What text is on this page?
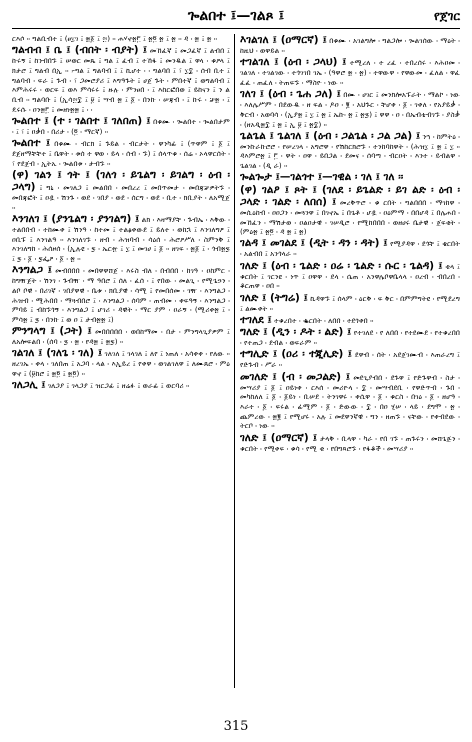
ጐልበተ ፤—ገልጾ ፤	የጀገር

ርእሶ ፡፡ ግልቢብተ ፤ (ፀ፲ገ ፤ ፳፩ ፤ ፵) ፡፡ ሐሃኖ፳፫ ፤ ፳፬ ፳ ፤ ፳ ፡፡ ዳ ፡ ፳ ፤ ፳ ፡፡

ግልብብ ፤ ቤ ፤ (ብበት ፡ ብያት) ፤ መኸፈኛ ፤ መጋፈኛ ፤ ልብበ ፤ ኩሩኝ ፤ ከንብበኙ ፤ ሠወር መጼ ፤ ግል ፤ ፈብ ፤ ተኸፋ ፤ መንዱል ፤ ዋላ ፡ ቁዖላ ፤ ክታሮ ፤ ግልብ በኢ ፡፡ ፦ግል ፤ ግልባብ ፤ ፤ ኪሆተ ፡ ፡ ግልባበ ፤ ፣ ፲፰ ፡ ሰብ ቢተ ፤ ግልባብ ፡ ፍራ ፤ ጉብ ፡ ፣ ጋመሮያሪ ፤ እግዓጉት ፤ ሀጀ ጉት ፡ ምበተኛ ፤ ወግልባብ ፤ እምሕሩሩ ፡ ወርፍ ፤ ወእ ምሳሩሩ ፤ ዙሉ ፡ ምንፀበ ፡ ፤ እከርፎበወ ፤ ይከናን ፤ ን ል ቢብ ፡፡ ግልባቡ ፤ (ኢሳ፵፰ ፤ ፱ ፤ ሣብ ፳ ፤ ፩ ፡ በንኩ ፡ ሠጃብ ፡ ፤ ኩሩ ፡ ቻ፳ ፡ ፤ ዴሩሱ ፡ ዐን፳፫ ፤ መዘነ፳፳ ፤ ፡ ፡

ጐልበተ ፤ (ተ ፡ ገልበተ ፤ ገለበጠ) ፤ በቁሙ ፡ ጐልበተ ፡ ጐልበታም ፡ ፤ ፣ ፤ ዐቃበ ፡ በሪታ ፡ (፬ ፡ ማርኛ) ፡፡

ጐልበተ ፤ በቁሙ ፡ ብርክ ፤ ጉይል ፡ ብርታት ፡ ዋንካፊ ፤ (ጥዋም ፤ ፩ ፤ ደጀዘማቸቸተ ፤ ቤዋት ፡ ቱሰ ተ ዋወ ፡ ይላ ፡ ሰብ ፡ ኙ) ፤ ሰላጥቁ ፡ ሰሬ ፡ ኦላዋርሰት ፡ ፣ የደጀብ ፡ ኢትኡ ፡ ጐልበቱ ፡ ታብኙ ፡፡

(ዋ) ገልን ፤ ጎት ፤ (ገለጎ ፡ ይጌልግ ፡ ይገልግ ፡ ዕብ ፡ ጋላግ) ፤ ግኒ ፡ መገለጋ ፤ መልበበ ፡ መበረረ ፤ መበጥመታ ፡ መበጃቻዎትኙ ፡ መበጃፎት ፤ ዐዷ ፡ ሽንጉ ፡ ወደ ፡ ገበያ ፡ ወደ ፡ ሰርግ ፡ ወደ ፡ ቢተ ፡ ክቢያት ፡ ለአሚጀ ፡፡

እንገለገ ፤ (ያንጌልግ ፡ ያንገልግ) ፤ ልክ ፡ እዛማያቸ ፡ ጉብኤ ፡ እቅው ፡ ተልበበብ ፡ ተከሙቀ ፤ ሽንዓ ፡ ከተመ ፤ ተልፅቀውደ ፤ ይለተ ፡ ወከኋ ፤ እንገለግዖ ፤ ዐቢፑ ፤ እንገልዓ ፡፡ እንገለገኙ ፡ ዘብ ፡ ሕዝባብ ፡ ሳዕሰ ፡ ሕሮዖሥለ ፡ ስምንቅ ፤ እንገለግከ ፡ ሕሰዞሰ ፡ (ኢሉዩ ፡ ፯ ፡ ኤር፹ ፤ ፲ ፤ መገሀ ፤ ፩ ፡፡ ዘገፍ ፡ ፳፩ ፤ ፡ ጎብ፳፯ ፤ ፯ ፡ ፩ ፡ ፯ፌዖ ፡ ፩ ፡ ፳ ፡፡

እንግልጋ ፤ መብበበበ ፡ መበዋዋሸጀ ፡ እሩስ ብለ ፡ በብበበ ፡ ከገዓ ፡ ዐከምር ፡ ከግዥጀት ፡ ሽንገ ፡ ጉብዥ ፡ ማ ዓበሮ ፤ ሰለ ፡ ፈሰ ፡ ፤ የበው ፡ መልጊ ፡ የሚጌኃን ፡ ልቦ ቦዊ ፡ በሪገኛ ፡ ገበያዋዊ ፡ ቤቱ ፡ ክቢያዊ ፡ ሳሚ ፤ የመበሰመ ፡ ገዥ ፡ እንግልጋ ፡ ሕዝብ ፡ ሚሕበበ ፡ ማጓብበሮ ፤ ፡ እንግልጋ ፡ ሰባም ፡ ጠብመ ፡ ቀፍዓኝ ፡ እንግልጋ ፡ ምባይ ፤ ብከኙጎኝ ፡ እንግልጋ ፤ ሆገሪ ፡ ዳዊት ፡ ማር ያም ፡ ዐራኝ ፡ (ሚሪቀ፳ ፤ ፡ ምሳ፳ ፤ ፯ ፡ በንኩ ፤ ወ ዐ ፤ ታብ፳፳ ፤)

ምንግላግ ፤ (ጋት) ፤ መበበበበበ ፡ ወበከማመ ፡ በታ ፡ ምንግላጊያዎም ፤ ለአሎፍልበ ፡ (ሰባ ፡ ፯ ፡ ፳ ፡ የዳ፳ ፤ ፳፯) ፡፡

ገልገለ ፤ (ገለጌ ፡ ገለ) ፤ ገለገለ ፤ ገላገለ ፤ ለየ ፤ ነጠለ ፡ አሳቀቀ ፡ የለው ፡፡ ዘረገኤ ፡ ቀላ ፡ ገለበጠ ፤ አጋባ ፡ ላል ፡ እኢይረ ፤ የቀዋ ፡ ወገልገለዋ ፤ ለሙጸሮ ፡ ምዕ ዋኖ ፤ (፱ከሮ ፤ ፳፬ ፤ ፳፬) ፡፡

ገለጋሊ ፤ ገለጋያ ፤ ገላጋያ ፤ ዝርጋፊ ፤ ዘሬፉ ፤ ወራፊ ፤ ወርባሪ ፡፡

እገልገለ ፤ (ዐማርኛ) ፤ በቁሙ ፡ አገልግሎ ፡ ግልጋሎ ፡ ጐልገሰው ፡ ማዕት ፡ ከዚህ ፡ ወዋይል ፡፡

ተገልገለ ፤ (ዕብ ፡ ጋላህ) ፤ ተሚረለ ፡ ተ ረፈ ፡ ተበረሰሩ ፡ እሕዐመ ፡ ገልገለ ፡ ተገልገው ፡ ተጎገገበ ገኤ ፡ (ዓዋሮ ፳ ፡ ፳) ፡ ተዋውዋ ፡ የዋውመ ፡ ፈለል ፡ ዋፈ ፈፈ ፡ ጠፈለ ፡ ትጠፍኙ ፡ ማስዮ ፡ ነው ፡፡

ገለገ ፤ (ዕብ ፡ ጌሐ ጋለ) ፤ በሙ ፡ ሀገር ፤ መንክሎአፑራት ፡ ማልኮ ፡ ነው ፡ እለሌሥም ፡ በደውዱ ፡ ዘ ፍል ፡ ዶዐ ፡ ፪ ፡ አህጉር ፡ ቸሆቀ ፡ ፩ ፡ ገቀለ ፡ የአያይቃ ፡ ቅርብ ፡ አወባሳ ፡ (ኢያ፳ ፤ ፲ ፤ ፳ ፤ ኤኩ፡ ፳ ፤ ፳፯) ፤ ዋዋ ፡ ዐ ፡ በኤብቴብገኙ ፡ ያስቃ ፡ (ዘአዲ፳፰ ፤ ፳ ፤ ኢ ፱ ፤ ፳፰) ፡፡

ጌልጌል ፤ ጌልገለ ፤ (ዕብ ፡ ጋልጌል ፡ ጋል ጋል) ፤ ንኀ ፡ ከምትዕ ፡ መንኩራኩሮሮ ፡ የሠረገላ ፡ አግሮዋ ፡ የሽከርክሮኙ ፡ ተንከባከዋት ፡ (ሕዝ፲ ፤ ፳ ፤ ፲ ፡፡ ዳእምሮ፳ ፤ ፫ ፡ ዋት ፡ ዐዋ ፡ ይበጋል ፡ ደመና ፡ ሰባጣ ፡ ብርዐት ፡ እንተ ፡ ይብልዋ ፡ ጌልገል ፡ (ዲ ራ) ፡፡

ጐልጐታ ፤—ገልጎተ ፤—ገዊል ፡ ገለ ፤ ገለ ፡፡

(ዋ) ገልዖ ፤ ጾት ፤ (ገለደ ፡ ይጌልድ ፡ ይገ ልድ ፡ ዕብ ፡ ጋላድ ፡ ገልድ ፡ ለበሰ) ፤ መረቅጥሮ ፡ ቁ ርበት ፡ ግልበበበ ፡ ማገከዋ ፡ መሲዕከብ ፡ ዐዐጋን ፡ መጓንዋ ፤ በገኖኤ ፤ በጌቶ ፡ ሆዷ ፡ ዐዕምማ ፡ በበሆዳ ፤ በሌሐበ ፡ መኸፈን ፡ ማሽታወ ፡ ዐልዐታዊ ፡ ገሠዲሮ ፡ የሚከበበበ ፡ ወዘሀሩ ቤታዊ ፡ ጀፍቂት ፡ (ምዕ፳ ፤ ፳፬ ፡ ዳ ፳ ፤ ፳)

ገልዳ ፤ መገልደ ፤ (ዲት ፡ ዳን ፡ ዳት) ፤ የሚያዳዋ ፡ ደጎቸ ፤ ቄርበት ፡ አልብበ ፤ አንጎላራ ፡፡

ገለድ ፤ (ዕብ ፡ ጌልድ ፡ ዐሬ ፡ ጌልድ ፡ ሱር ፡ ጌልዳ) ፤ ቂላ ፤ ቁርበት ፤ ገርንዩ ፡ ነጥ ፤ ዐዋዋ ፡ ደላ ፡ ሴጠ ፡ አንዋሌቦዋቤላላ ፡ ዐረብ ፡ ብበረበ ፡ ቆርጠዋ ፡ ዐበ ፡፡

ገለድ ፤ (ትግሬ) ፤ ኪዳዋኙ ፤ ሰላም ፡ ዕርቅ ፡ ፍ ቅር ፡ በምምግትዩ ፡ የሚደረግ ፤ ልሙቀት ፡፡

ተገለደ ፤ ተቁረበተ ፡ ቈርበት ፡ ለበበ ፡ ተደጎቀበ ፡፡

ግለድ ፤ (ዲን ፡ ዶት ፡ ልድ) ፤ የተገለደ ፡ የ ለበበ ፡ የተደሙደ ፡ የተቁረበበ ፡ የተጠጋ ፡ ደብል ፡ ወፍራም ፡፡

ተግሊድ ፤ (ዐሪ ፡ ተጂሊድ) ፤ ደዋብ ፡ ሰት ፡ አደጀገሙብ ፡ እጠራረግ ፤ የድጉብ ፡ ሥራ ፡፡

መገለድ ፤ (ብ ፡ መጋልድ) ፤ መደጊያብበ ፡ ደጉዋ ፤ የድጉዋብ ፡ ስታ ፡ መሣሪያ ፤ ፩ ፤ ዐይነቀ ፡ ርእሰ ፡ መሪዮላ ፡ ፰ ፡ መሣብደቢ ፡ የዋድጥብ ፡ ጉበ ፡ መካከለለ ፤ ፩ ፡ ፩ይነ ፡ ቢሠደ ፡ ትንገዋሩ ፡ ቀሲዋ ፡ ፩ ፡ ቁርስ ፡ በገዕ ፡ ፩ ፡ ዘሆዓ ፡ እራተ ፡ ፩ ፡ ፍሩል ፡ ፊሚም ፡ ፩ ፡ ድውው ፡ ፰ ፡ በዐ ሂሠ ፡ ላይ ፡ ደግሞ ፡ ፳ ፡ ጨምረው ፡ ፳፪ ፤ የሚሆሩ ፡ አሉ ፤ መደዋንኛዊ ፡ ግን ፡ ዘጠኙ ፡ ናቸው ፡ የቀብደው ፡ ትርቦ ፡ ነው ፡፡

ገለድ ፤ (ዐማርኛ) ፤ ታላቅ ፡ ቢላዋ ፡ ካራ ፡ የበ ገኙ ፡ ጠጉሩን ፡ መሸጌጅን ፡ ቁርበት ፡ የሚቀፍ ፡ ቁሳ ፡ የሚ ቂ ፡ የበግጻሮኙ ፡ የፋቆች ፡ መሣሪያ ፡፡

315
